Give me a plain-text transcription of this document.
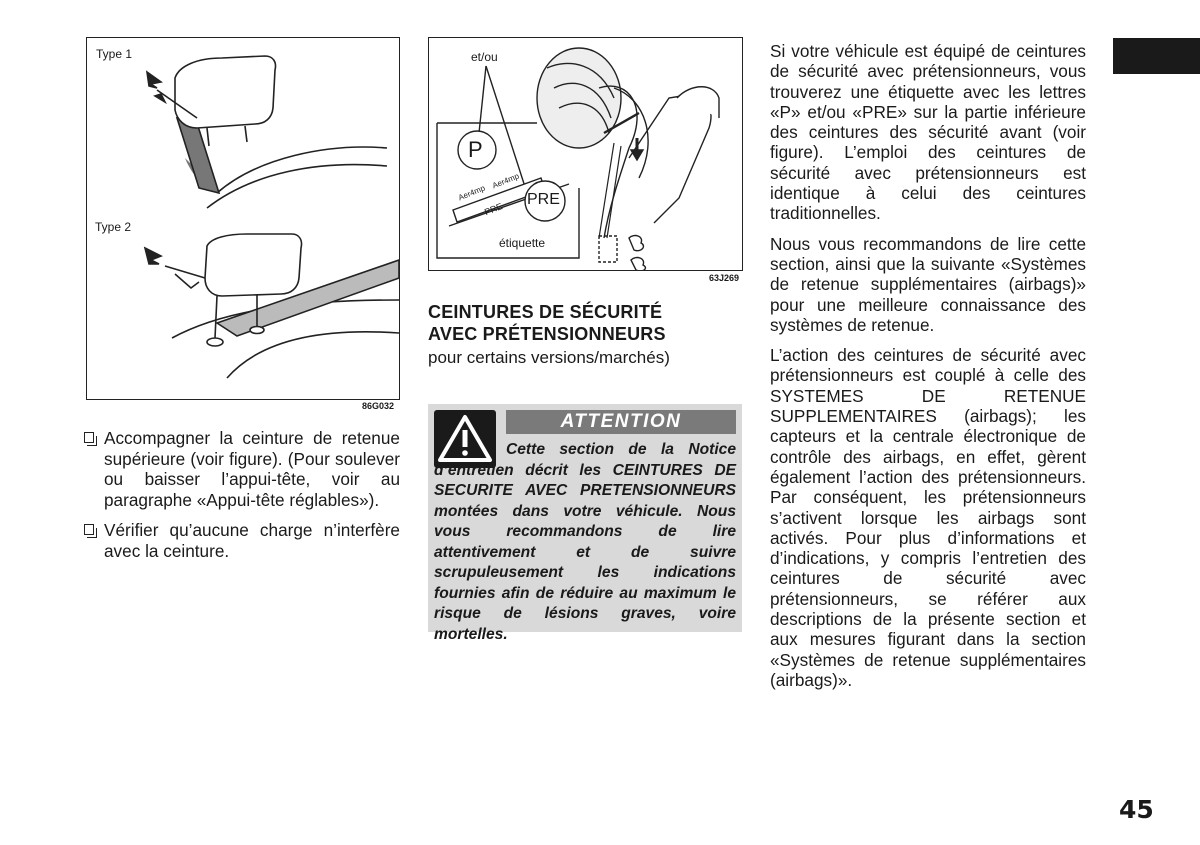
Type 1
Type 2
86G032
Accompagner la ceinture de retenue supérieure (voir figure). (Pour soulever ou baisser l’appui-tête, voir au paragraphe «Appui-tête réglables»).
Vérifier qu’aucune charge n’interfère avec la ceinture.
et/ou
P
PRE
Aer4mp
Aer4mp
PRE
étiquette
63J269
CEINTURES DE SÉCURITÉ
AVEC PRÉTENSIONNEURS
pour certains versions/marchés)
ATTENTION
Cette section de la Notice d’entretien décrit les CEINTURES DE SECURITE AVEC PRETENSIONNEURS montées dans votre véhicule. Nous vous recommandons de lire attentivement et de suivre scrupuleusement les indications fournies afin de réduire au maximum le risque de lésions graves, voire mortelles.

Si votre véhicule est équipé de ceintures de sécurité avec prétensionneurs, vous trouverez une étiquette avec les lettres «P» et/ou «PRE» sur la partie inférieure des ceintures des sécurité avant (voir figure). L’emploi des ceintures de sécurité avec prétensionneurs est identique à celui des ceintures traditionnelles.

Nous vous recommandons de lire cette section, ainsi que la suivante «Systèmes de retenue supplémentaires (airbags)» pour une meilleure connaissance des systèmes de retenue.

L’action des ceintures de sécurité avec prétensionneurs est couplé à celle des SYSTEMES DE RETENUE SUPPLEMENTAIRES (airbags); les capteurs et la centrale électronique de contrôle des airbags, en effet, gèrent également l’action des prétensionneurs. Par conséquent, les prétensionneurs s’activent lorsque les airbags sont activés. Pour plus d’informations et d’indications, y compris l’entretien des ceintures de sécurité avec prétensionneurs, se référer aux descriptions de la présente section et aux mesures figurant dans la section «Systèmes de retenue supplémentaires (airbags)».

45
